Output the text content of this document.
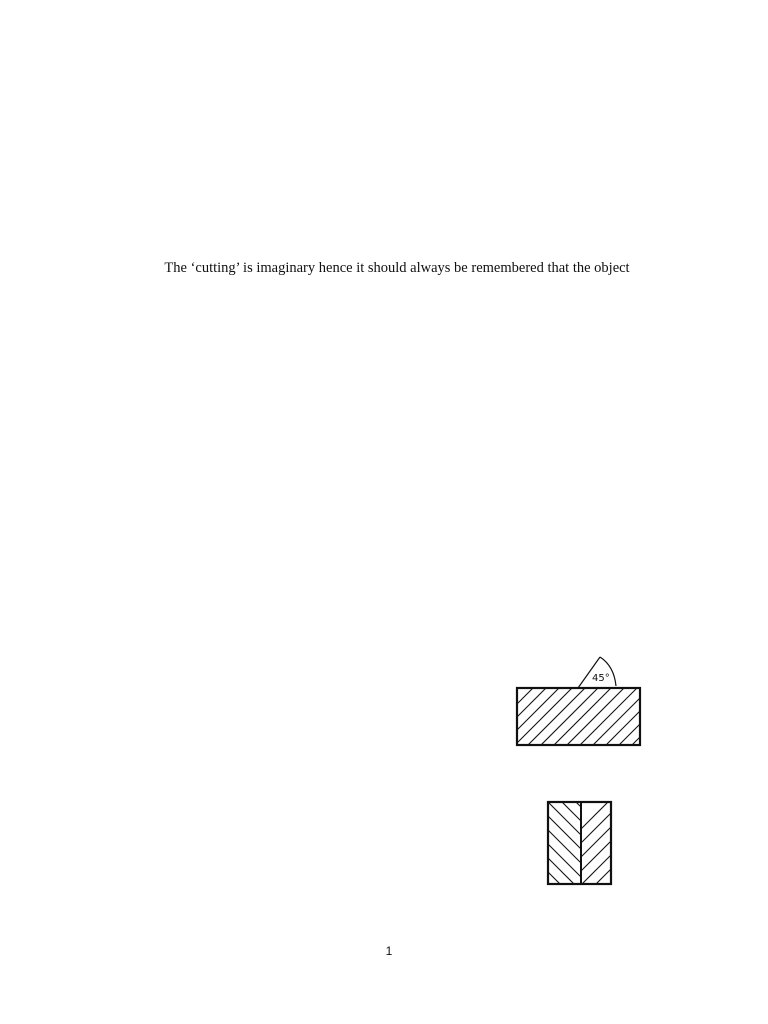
The ‘cutting’ is imaginary hence it should always be remembered that the object
45°
1
